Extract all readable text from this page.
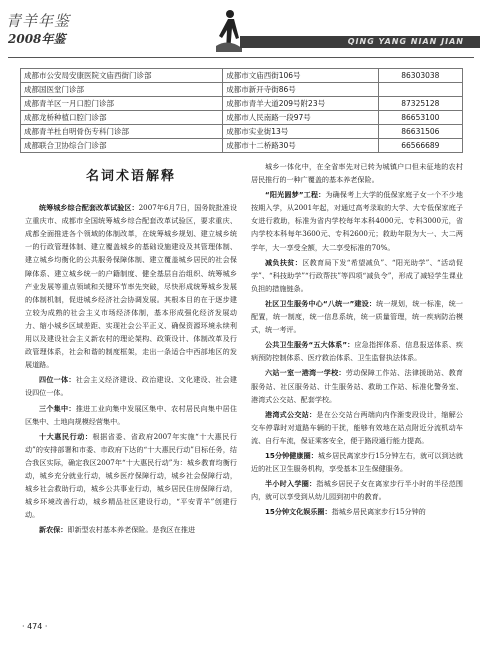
青羊年鉴
2008年鉴	QING YANG NIAN JIAN
成都市公安局安康医院文庙西街门诊部	成都市文庙西街106号	86303038
成都国医堂门诊部	成都市新开寺街86号	
成都青羊区一月口腔门诊部	成都市青羊大道209号附23号	87325128
成都龙桥种植口腔门诊部	成都市人民南路一段97号	86653100
成都青羊杜自明骨伤专科门诊部	成都市实业街13号	86631506
成都联合卫协综合门诊部	成都市十二桥路30号	66566689
名词术语解释

统筹城乡综合配套改革试验区：2007年6月7日，国务院批准设立重庆市、成都市全国统筹城乡综合配套改革试验区，要求重庆、成都全面推进各个领域的体制改革，在统筹城乡规划、建立城乡统一的行政管理体制、建立覆盖城乡的基础设施建设及其管理体制、建立城乡均衡化的公共服务保障体制、建立覆盖城乡居民的社会保障体系、建立城乡统一的户籍制度、健全基层自治组织、统筹城乡产业发展等重点领域和关键环节率先突破，尽快形成统筹城乡发展的体制机制，促进城乡经济社会协调发展。其根本目的在于逐步建立较为成熟的社会主义市场经济体制，基本形成强化经济发展动力、缩小城乡区域差距、实现社会公平正义、确保资源环境永续利用以及建设社会主义新农村的理论架构、政策设计、体制改革及行政管理体系，社会和谐的制度框架，走出一条适合中西部地区的发展道路。

四位一体：社会主义经济建设、政治建设、文化建设、社会建设四位一体。

三个集中：推进工业向集中发展区集中、农村居民向集中居住区集中、土地向规模经营集中。

十大惠民行动：根据省委、省政府2007年实施“十大惠民行动”的安排部署和市委、市政府下达的“十大惠民行动”目标任务，结合我区实际，确定我区2007年“十大惠民行动”为：城乡教育均衡行动，城乡充分就业行动，城乡医疗保障行动，城乡社会保障行动，城乡社会救助行动，城乡公共事业行动，城乡居民住房保障行动，城乡环境改善行动，城乡精品社区建设行动，“平安青羊”创建行动。

新农保：即新型农村基本养老保险。是我区在推进

城乡一体化中，在全省率先对已转为城镇户口但未征地的农村居民推行的一种广覆盖的基本养老保险。

“阳光圆梦”工程：为确保考上大学的低保家庭子女一个不少地按期入学，从2001年起，对通过高考录取的大学、大专低保家庭子女进行救助，标准为省内学校每年本科4000元、专科3000元，省内学校本科每年3600元、专科2600元；救助年限为大一、大二两学年，大一享受全额，大二享受标准的70%。

减负扶贫：区教育局下发“希望减负”、“阳光助学”、“活动促学”、“科技助学”“行政帮扶”等四项“减负令”，形成了减轻学生课业负担的措施链条。

社区卫生服务中心“八统一”建设：统一规划，统一标准，统一配置，统一制度，统一信息系统，统一质量管理，统一疾病防治模式，统一考评。

公共卫生服务“五大体系”：应急指挥体系、信息报送体系、疾病预防控制体系、医疗救治体系、卫生监督执法体系。

六站一室一港湾一学校：劳动保障工作站、法律援助站、教育服务站、社区服务站、计生服务站、救助工作站、标准化警务室、港湾式公交站、配套学校。

港湾式公交站：是在公交站台两端向内作渐变段设计，缩解公交车停靠时对道路车辆的干扰，能够有效地在站点附近分流机动车流、自行车流，保证乘客安全，便于路段通行能力提高。

15分钟健康圈：城乡居民离家步行15分钟左右，就可以到达就近的社区卫生服务机构，享受基本卫生保健服务。

半小时入学圈：指城乡居民子女在离家步行半小时的半径范围内，就可以享受到从幼儿园到初中的教育。

15分钟文化娱乐圈：指城乡居民离家步行15分钟的

· 474 ·
